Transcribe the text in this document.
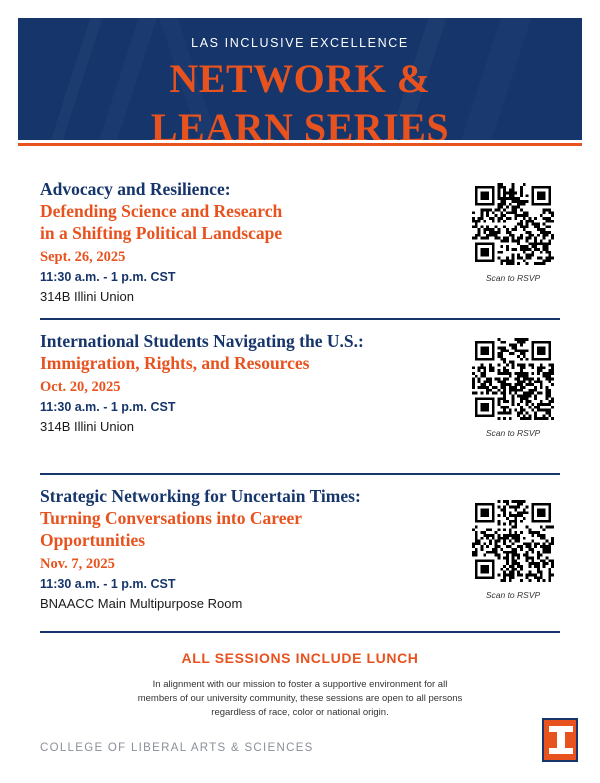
LAS INCLUSIVE EXCELLENCE
NETWORK &
LEARN SERIES
Advocacy and Resilience:
Defending Science and Research
in a Shifting Political Landscape
Sept. 26, 2025
11:30 a.m. - 1 p.m. CST
314B Illini Union
Scan to RSVP
International Students Navigating the U.S.:
Immigration, Rights, and Resources
Oct. 20, 2025
11:30 a.m. - 1 p.m. CST
314B Illini Union	Scan to RSVP
Strategic Networking for Uncertain Times:
Turning Conversations into Career
Opportunities
Nov. 7, 2025
11:30 a.m. - 1 p.m. CST
BNAACC Main Multipurpose Room
Scan to RSVP
ALL SESSIONS INCLUDE LUNCH
In alignment with our mission to foster a supportive environment for all
members of our university community, these sessions are open to all persons
regardless of race, color or national origin.
COLLEGE OF LIBERAL ARTS & SCIENCES
